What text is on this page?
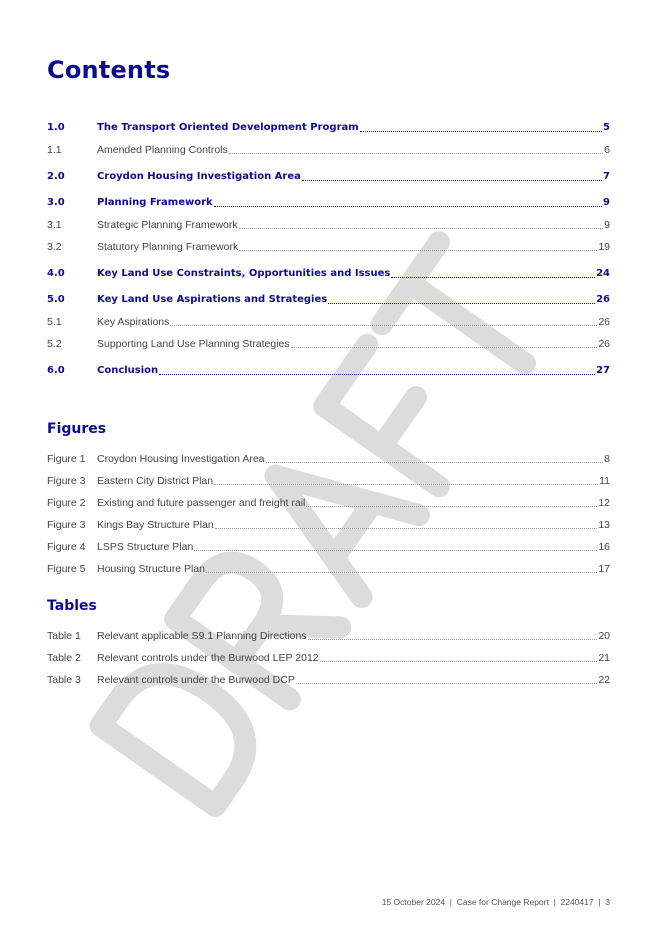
Contents
1.0	The Transport Oriented Development Program	5
1.1	Amended Planning Controls	6
2.0	Croydon Housing Investigation Area	7
3.0	Planning Framework	9
3.1	Strategic Planning Framework	9
3.2	Statutory Planning Framework	19
4.0	Key Land Use Constraints, Opportunities and Issues	24
5.0	Key Land Use Aspirations and Strategies	26
5.1	Key Aspirations	26
5.2	Supporting Land Use Planning Strategies	26
6.0	Conclusion	27
Figures
Figure 1	Croydon Housing Investigation Area	8
Figure 3	Eastern City District Plan	11
Figure 2	Existing and future passenger and freight rail	12
Figure 3	Kings Bay Structure Plan	13
Figure 4	LSPS Structure Plan	16
Figure 5	Housing Structure Plan	17
Tables
Table 1	Relevant applicable S9.1 Planning Directions	20
Table 2	Relevant controls under the Burwood LEP 2012	21
Table 3	Relevant controls under the Burwood DCP	22

15 October 2024  |  Case for Change Report  |  2240417  |  3
